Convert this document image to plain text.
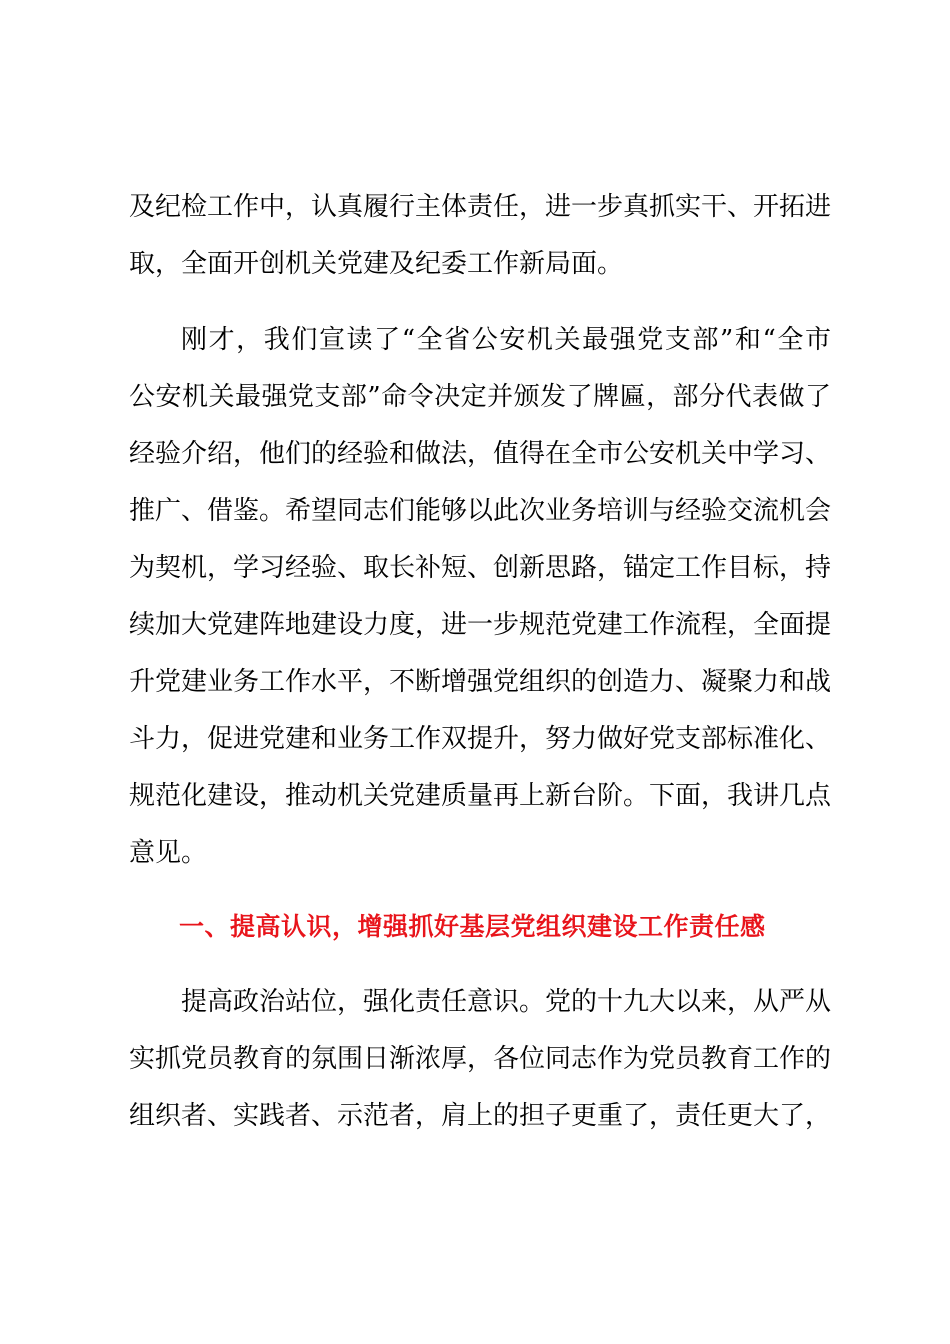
及纪检工作中，认真履行主体责任，进一步真抓实干、开拓进
取，全面开创机关党建及纪委工作新局面。
刚才，我们宣读了“全省公安机关最强党支部”和“全市
公安机关最强党支部”命令决定并颁发了牌匾，部分代表做了
经验介绍，他们的经验和做法，值得在全市公安机关中学习、
推广、借鉴。希望同志们能够以此次业务培训与经验交流机会
为契机，学习经验、取长补短、创新思路，锚定工作目标，持
续加大党建阵地建设力度，进一步规范党建工作流程，全面提
升党建业务工作水平，不断增强党组织的创造力、凝聚力和战
斗力，促进党建和业务工作双提升，努力做好党支部标准化、
规范化建设，推动机关党建质量再上新台阶。下面，我讲几点
意见。
一、提高认识，增强抓好基层党组织建设工作责任感
提高政治站位，强化责任意识。党的十九大以来，从严从
实抓党员教育的氛围日渐浓厚，各位同志作为党员教育工作的
组织者、实践者、示范者，肩上的担子更重了，责任更大了，
